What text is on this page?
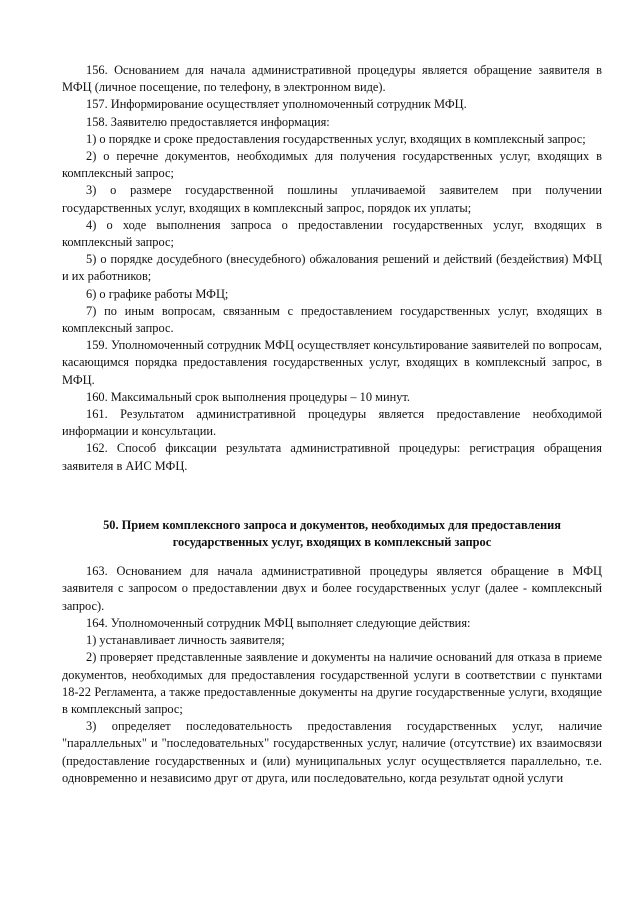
156. Основанием для начала административной процедуры является обращение заявителя в МФЦ (личное посещение, по телефону, в электронном виде).

157. Информирование осуществляет уполномоченный сотрудник МФЦ.

158. Заявителю предоставляется информация:

1) о порядке и сроке предоставления государственных услуг, входящих в комплексный запрос;

2) о перечне документов, необходимых для получения государственных услуг, входящих в комплексный запрос;

3) о размере государственной пошлины уплачиваемой заявителем при получении государственных услуг, входящих в комплексный запрос, порядок их уплаты;

4) о ходе выполнения запроса о предоставлении государственных услуг, входящих в комплексный запрос;

5) о порядке досудебного (внесудебного) обжалования решений и действий (бездействия) МФЦ и их работников;

6) о графике работы МФЦ;

7) по иным вопросам, связанным с предоставлением государственных услуг, входящих в комплексный запрос.

159. Уполномоченный сотрудник МФЦ осуществляет консультирование заявителей по вопросам, касающимся порядка предоставления государственных услуг, входящих в комплексный запрос, в МФЦ.

160. Максимальный срок выполнения процедуры – 10 минут.

161. Результатом административной процедуры является предоставление необходимой информации и консультации.

162. Способ фиксации результата административной процедуры: регистрация обращения заявителя в АИС МФЦ.

50. Прием комплексного запроса и документов, необходимых для предоставления государственных услуг, входящих в комплексный запрос

163. Основанием для начала административной процедуры является обращение в МФЦ заявителя с запросом о предоставлении двух и более государственных услуг (далее - комплексный запрос).

164. Уполномоченный сотрудник МФЦ выполняет следующие действия:

1) устанавливает личность заявителя;

2) проверяет представленные заявление и документы на наличие оснований для отказа в приеме документов, необходимых для предоставления государственной услуги в соответствии с пунктами 18-22 Регламента, а также предоставленные документы на другие государственные услуги, входящие в комплексный запрос;

3) определяет последовательность предоставления государственных услуг, наличие "параллельных" и "последовательных" государственных услуг, наличие (отсутствие) их взаимосвязи (предоставление государственных и (или) муниципальных услуг осуществляется параллельно, т.е. одновременно и независимо друг от друга, или последовательно, когда результат одной услуги
